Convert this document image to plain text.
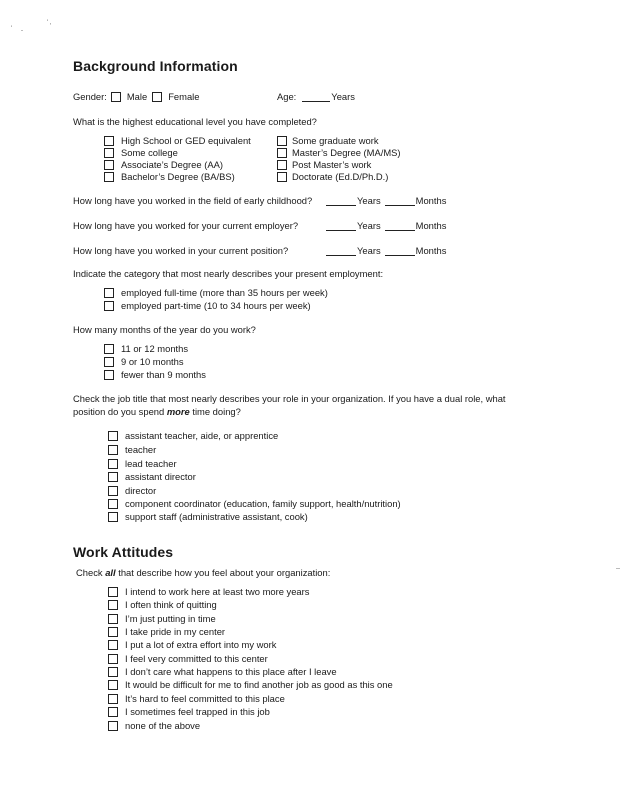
' -
' ,
Background Information
Gender: Male Female	Age:	Years
What is the highest educational level you have completed?
High School or GED equivalent
Some college
Associate’s Degree (AA)
Bachelor’s Degree (BA/BS)
Some graduate work
Master’s Degree (MA/MS)
Post Master’s work
Doctorate (Ed.D/Ph.D.)
How long have you worked in the field of early childhood?	Years	Months
How long have you worked for your current employer?	Years	Months
How long have you worked in your current position?	Years	Months
Indicate the category that most nearly describes your present employment:
employed full-time (more than 35 hours per week)
employed part-time (10 to 34 hours per week)
How many months of the year do you work?
11 or 12 months
9 or 10 months
fewer than 9 months
Check the job title that most nearly describes your role in your organization. If you have a dual role, what
position do you spend more time doing?
assistant teacher, aide, or apprentice
teacher
lead teacher
assistant director
director
component coordinator (education, family support, health/nutrition)
support staff (administrative assistant, cook)
Work Attitudes
Check all that describe how you feel about your organization:
I intend to work here at least two more years
I often think of quitting
I’m just putting in time
I take pride in my center
I put a lot of extra effort into my work
I feel very committed to this center
I don’t care what happens to this place after I leave
It would be difficult for me to find another job as good as this one
It’s hard to feel committed to this place
I sometimes feel trapped in this job
none of the above
